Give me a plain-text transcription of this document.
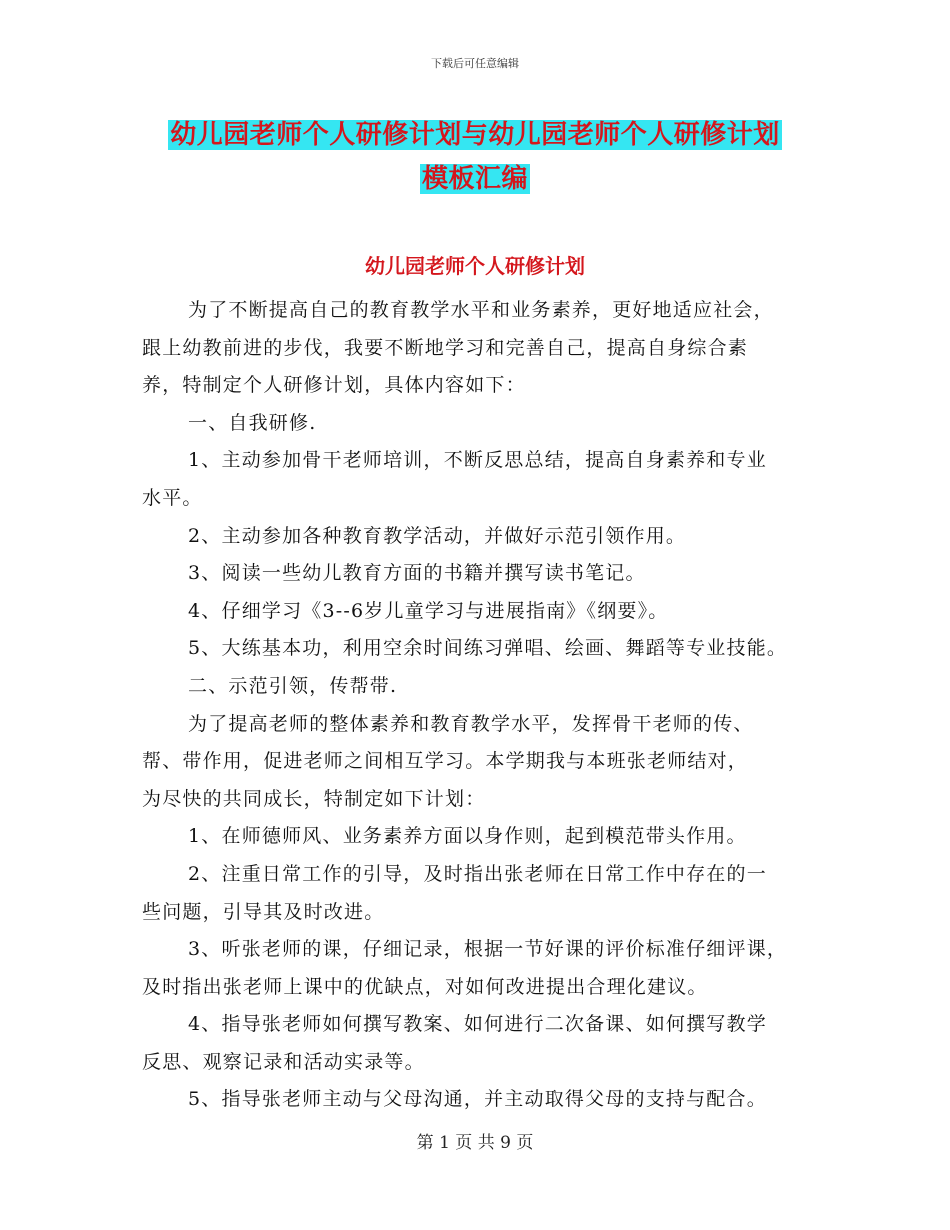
下载后可任意编辑
幼儿园老师个人研修计划与幼儿园老师个人研修计划
模板汇编
幼儿园老师个人研修计划
为了不断提高自己的教育教学水平和业务素养，更好地适应社会，
跟上幼教前进的步伐，我要不断地学习和完善自己，提高自身综合素
养，特制定个人研修计划，具体内容如下：
一、自我研修.
1、主动参加骨干老师培训，不断反思总结，提高自身素养和专业
水平。
2、主动参加各种教育教学活动，并做好示范引领作用。
3、阅读一些幼儿教育方面的书籍并撰写读书笔记。
4、仔细学习《3--6岁儿童学习与进展指南》《纲要》。
5、大练基本功，利用空余时间练习弹唱、绘画、舞蹈等专业技能。
二、示范引领，传帮带.
为了提高老师的整体素养和教育教学水平，发挥骨干老师的传、
帮、带作用，促进老师之间相互学习。本学期我与本班张老师结对，
为尽快的共同成长，特制定如下计划：
1、在师德师风、业务素养方面以身作则，起到模范带头作用。
2、注重日常工作的引导，及时指出张老师在日常工作中存在的一
些问题，引导其及时改进。
3、听张老师的课，仔细记录，根据一节好课的评价标准仔细评课，
及时指出张老师上课中的优缺点，对如何改进提出合理化建议。
4、指导张老师如何撰写教案、如何进行二次备课、如何撰写教学
反思、观察记录和活动实录等。
5、指导张老师主动与父母沟通，并主动取得父母的支持与配合。
第 1 页 共 9 页
